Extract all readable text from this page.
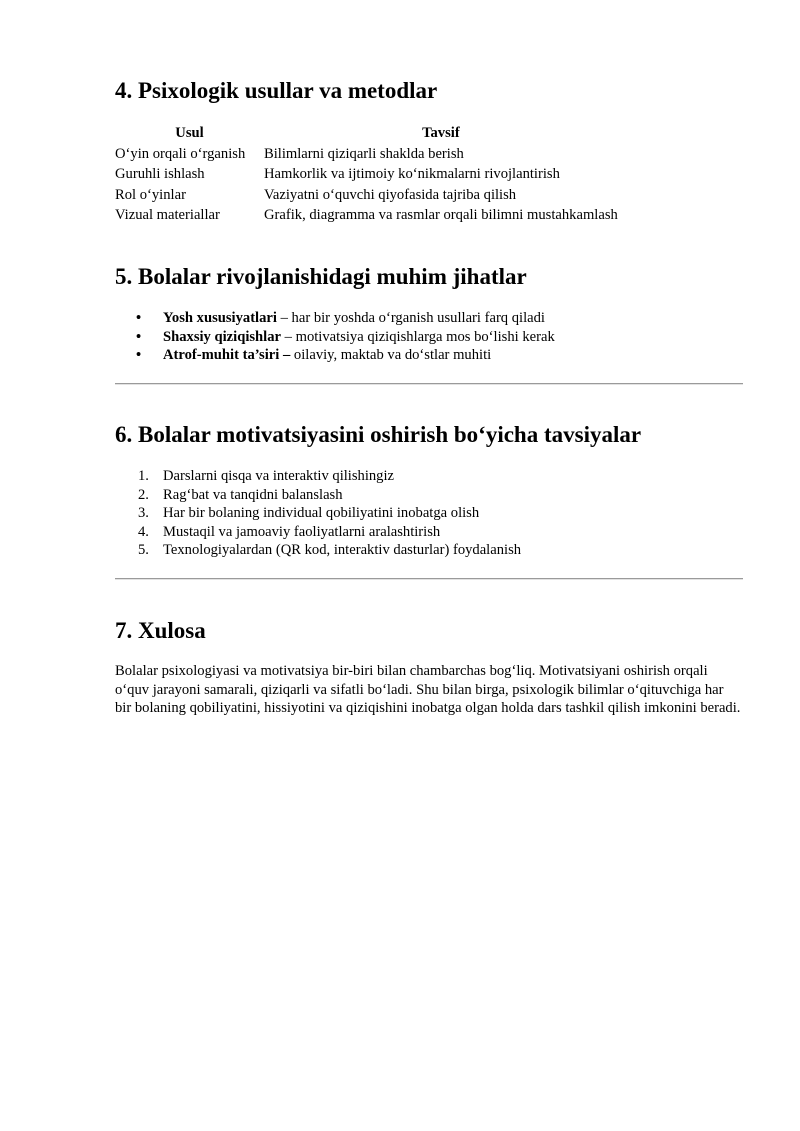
4. Psixologik usullar va metodlar
Usul	Tavsif
O‘yin orqali o‘rganish	Bilimlarni qiziqarli shaklda berish
Guruhli ishlash	Hamkorlik va ijtimoiy ko‘nikmalarni rivojlantirish
Rol o‘yinlar	Vaziyatni o‘quvchi qiyofasida tajriba qilish
Vizual materiallar	Grafik, diagramma va rasmlar orqali bilimni mustahkamlash
5. Bolalar rivojlanishidagi muhim jihatlar
• Yosh xususiyatlari – har bir yoshda o‘rganish usullari farq qiladi
• Shaxsiy qiziqishlar – motivatsiya qiziqishlarga mos bo‘lishi kerak
• Atrof-muhit ta’siri – oilaviy, maktab va do‘stlar muhiti
6. Bolalar motivatsiyasini oshirish bo‘yicha tavsiyalar
1. Darslarni qisqa va interaktiv qilishingiz
2. Rag‘bat va tanqidni balanslash
3. Har bir bolaning individual qobiliyatini inobatga olish
4. Mustaqil va jamoaviy faoliyatlarni aralashtirish
5. Texnologiyalardan (QR kod, interaktiv dasturlar) foydalanish
7. Xulosa

Bolalar psixologiyasi va motivatsiya bir-biri bilan chambarchas bog‘liq. Motivatsiyani oshirish orqali o‘quv jarayoni samarali, qiziqarli va sifatli bo‘ladi. Shu bilan birga, psixologik bilimlar o‘qituvchiga har bir bolaning qobiliyatini, hissiyotini va qiziqishini inobatga olgan holda dars tashkil qilish imkonini beradi.
